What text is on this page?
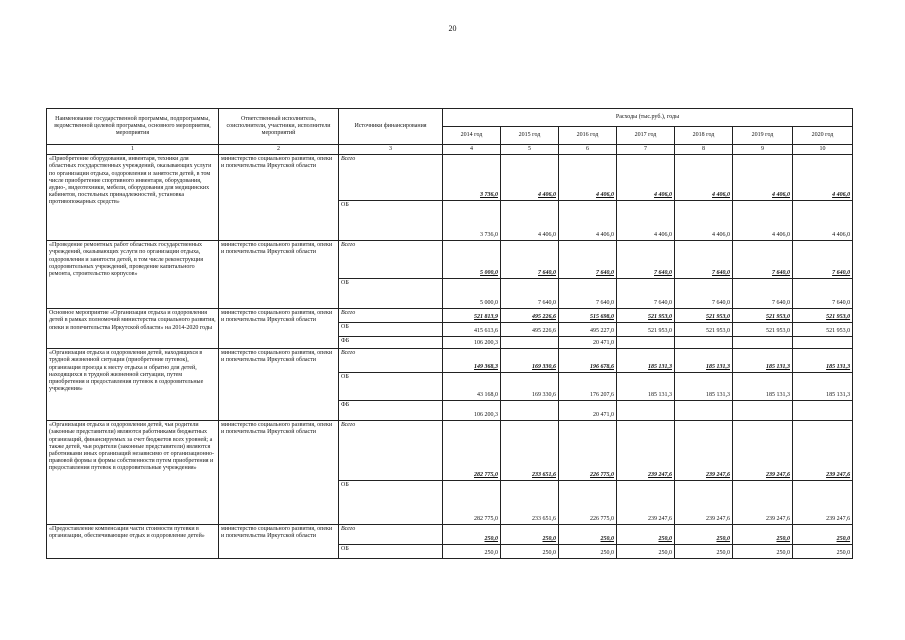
20
Наименование государственной программы, подпрограммы, ведомственной целевой программы, основного мероприятия, мероприятия	Ответственный исполнитель, соисполнители, участники, исполнители мероприятий	Источники финансирования	Расходы (тыс.руб.), годы						
			2014 год	2015 год	2016 год	2017 год	2018 год	2019 год	2020 год
1	2	3	4	5	6	7	8	9	10
«Приобретение оборудования, инвентаря, техники для областных государственных учреждений, оказывающих услуги по организации отдыха, оздоровления и занятости детей, в том числе приобретение спортивного инвентаря, оборудования, аудио-, видеотехники, мебели, оборудования для медицинских кабинетов, постельных принадлежностей, установка противопожарных средств»	министерство социального развития, опеки и попечительства Иркутской области	Всего	3 736,0	4 406,0	4 406,0	4 406,0	4 406,0	4 406,0	4 406,0
		ОБ	3 736,0	4 406,0	4 406,0	4 406,0	4 406,0	4 406,0	4 406,0
«Проведение ремонтных работ областных государственных учреждений, оказывающих услуги по организации отдыха, оздоровления и занятости детей, в том числе реконструкция оздоровительных учреждений, проведение капитального ремонта, строительство корпусов»	министерство социального развития, опеки и попечительства Иркутской области	Всего	5 000,0	7 640,0	7 640,0	7 640,0	7 640,0	7 640,0	7 640,0
		ОБ	5 000,0	7 640,0	7 640,0	7 640,0	7 640,0	7 640,0	7 640,0
Основное мероприятие «Организация отдыха и оздоровления детей в рамках полномочий министерства социального развития, опеки и попечительства Иркутской области» на 2014-2020 годы	министерство социального развития, опеки и попечительства Иркутской области	Всего	521 813,9	495 226,6	515 698,0	521 953,0	521 953,0	521 953,0	521 953,0
		ОБ	415 613,6	495 226,6	495 227,0	521 953,0	521 953,0	521 953,0	521 953,0
		ФБ	106 200,3		20 471,0				
«Организация отдыха и оздоровления детей, находящихся в трудной жизненной ситуации (приобретение путевок), организация проезда к месту отдыха и обратно для детей, находящихся в трудной жизненной ситуации, путем приобретения и предоставления путевок в оздоровительные учреждения»	министерство социального развития, опеки и попечительства Иркутской области	Всего	149 368,3	169 330,6	196 678,6	185 131,3	185 131,3	185 131,3	185 131,3
		ОБ	43 168,0	169 330,6	176 207,6	185 131,3	185 131,3	185 131,3	185 131,3
		ФБ	106 200,3		20 471,0				
«Организация отдыха и оздоровления детей, чьи родители (законные представители) являются работниками бюджетных организаций, финансируемых за счет бюджетов всех уровней; а также детей, чьи родители (законные представители) являются работниками иных организаций независимо от организационно-правовой формы и формы собственности путем приобретения и предоставления путевок в оздоровительные учреждения»	министерство социального развития, опеки и попечительства Иркутской области	Всего	282 775,0	233 651,6	226 775,0	239 247,6	239 247,6	239 247,6	239 247,6
		ОБ	282 775,0	233 651,6	226 775,0	239 247,6	239 247,6	239 247,6	239 247,6
«Предоставление компенсации части стоимости путевки в организации, обеспечивающие отдых и оздоровление детей»	министерство социального развития, опеки и попечительства Иркутской области	Всего	250,0	250,0	250,0	250,0	250,0	250,0	250,0
		ОБ	250,0	250,0	250,0	250,0	250,0	250,0	250,0
